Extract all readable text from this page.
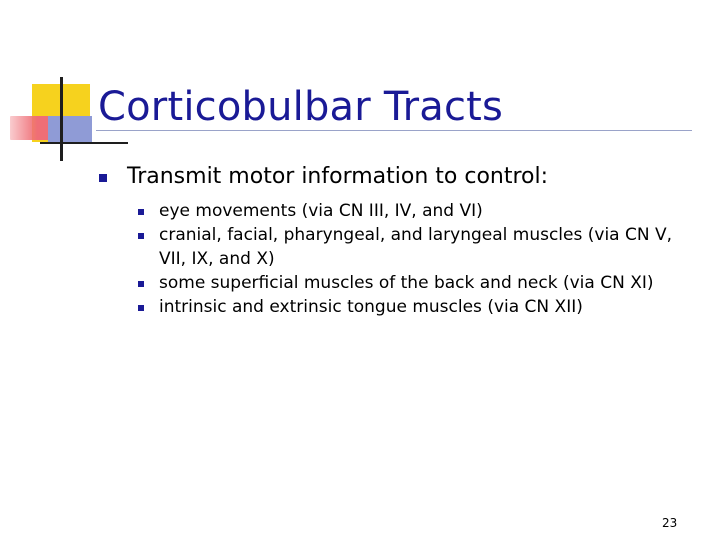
Corticobulbar Tracts
Transmit motor information to control:
eye movements (via CN III, IV, and VI)
cranial, facial, pharyngeal, and laryngeal muscles (via CN V, VII, IX, and X)
some superficial muscles of the back and neck (via CN XI)
intrinsic and extrinsic tongue muscles (via CN XII)
23
